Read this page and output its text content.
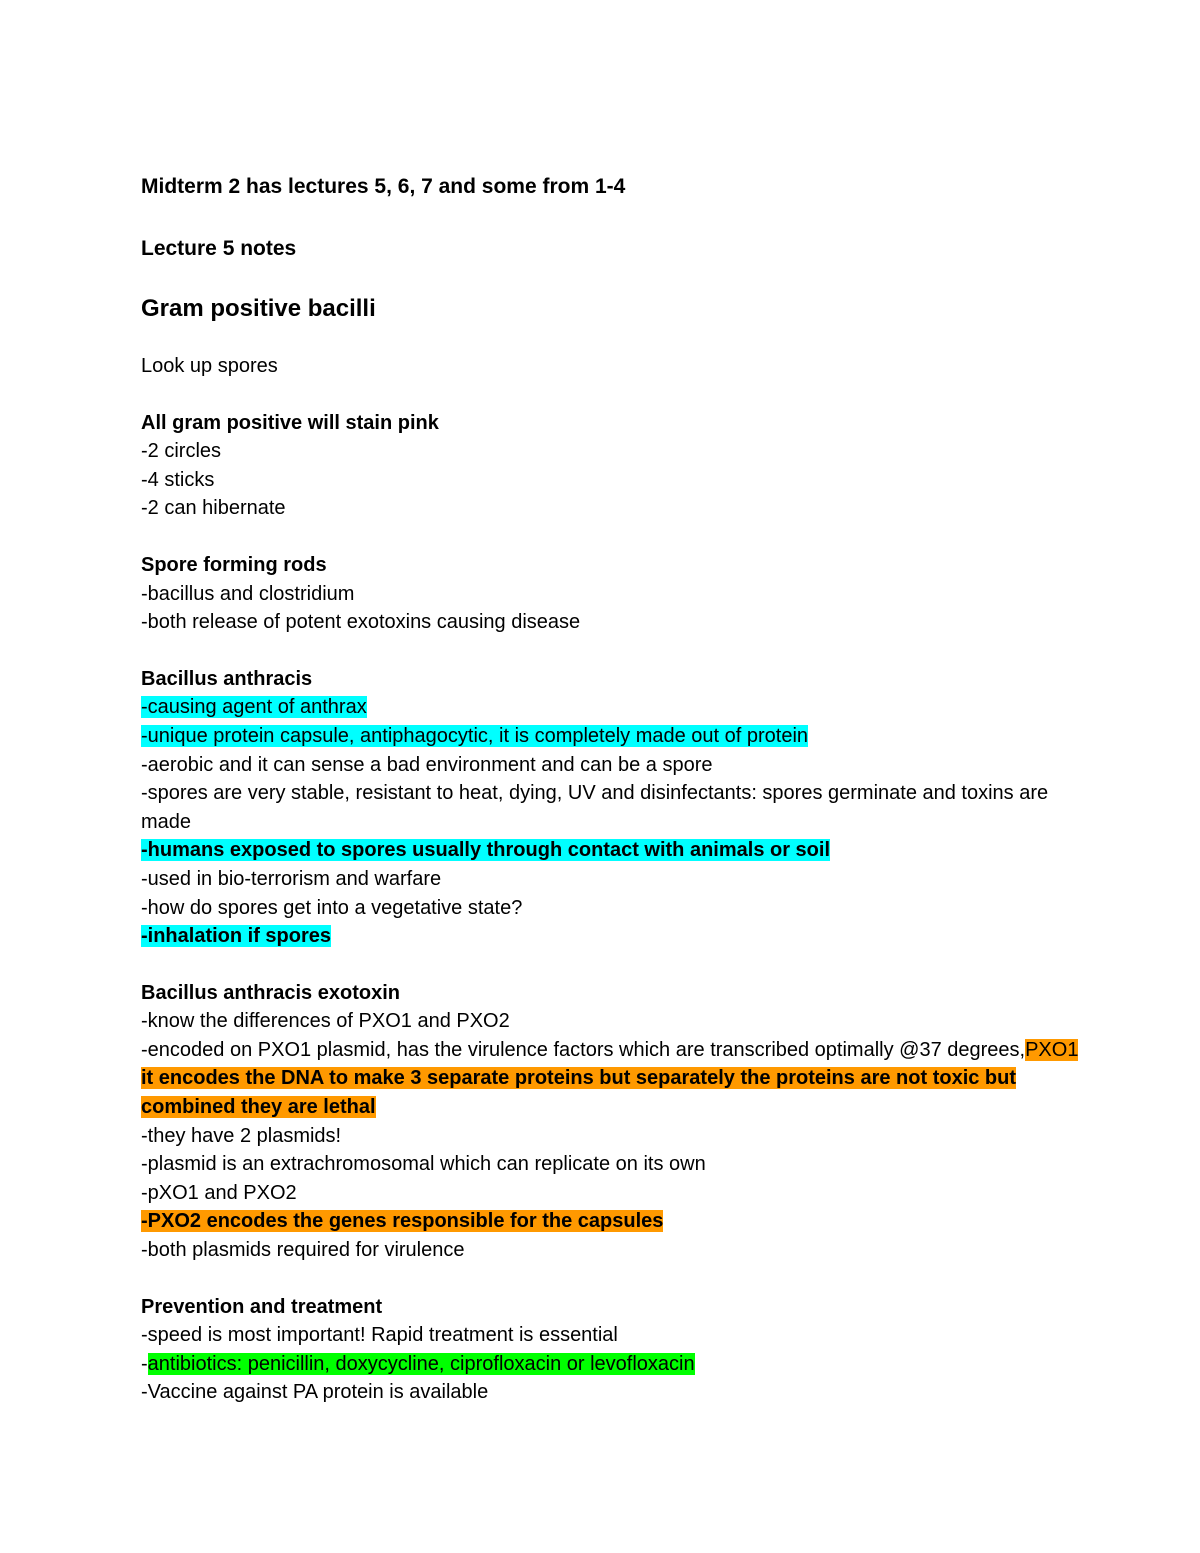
Midterm 2 has lectures 5, 6, 7 and some from 1-4

Lecture 5 notes

Gram positive bacilli

Look up spores

All gram positive will stain pink

-2 circles

-4 sticks

-2 can hibernate

Spore forming rods

-bacillus and clostridium

-both release of potent exotoxins causing disease

Bacillus anthracis

-causing agent of anthrax

-unique protein capsule, antiphagocytic, it is completely made out of protein

-aerobic and it can sense a bad environment and can be a spore

-spores are very stable, resistant to heat, dying, UV and disinfectants: spores germinate and toxins are made

-humans exposed to spores usually through contact with animals or soil

-used in bio-terrorism and warfare

-how do spores get into a vegetative state?

-inhalation if spores

Bacillus anthracis exotoxin

-know the differences of PXO1 and PXO2

-encoded on PXO1 plasmid, has the virulence factors which are transcribed optimally @37 degrees,PXO1 it encodes the DNA to make 3 separate proteins but separately the proteins are not toxic but combined they are lethal

-they have 2 plasmids!

-plasmid is an extrachromosomal which can replicate on its own

-pXO1 and PXO2

-PXO2 encodes the genes responsible for the capsules

-both plasmids required for virulence

Prevention and treatment

-speed is most important! Rapid treatment is essential

-antibiotics: penicillin, doxycycline, ciprofloxacin or levofloxacin

-Vaccine against PA protein is available
